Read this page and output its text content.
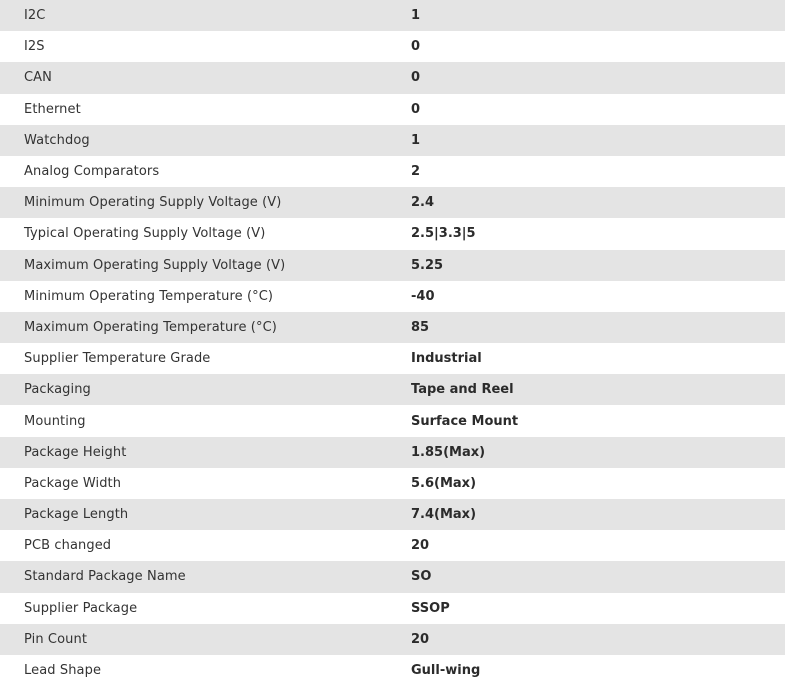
I2C	1
I2S	0
CAN	0
Ethernet	0
Watchdog	1
Analog Comparators	2
Minimum Operating Supply Voltage (V)	2.4
Typical Operating Supply Voltage (V)	2.5|3.3|5
Maximum Operating Supply Voltage (V)	5.25
Minimum Operating Temperature (°C)	-40
Maximum Operating Temperature (°C)	85
Supplier Temperature Grade	Industrial
Packaging	Tape and Reel
Mounting	Surface Mount
Package Height	1.85(Max)
Package Width	5.6(Max)
Package Length	7.4(Max)
PCB changed	20
Standard Package Name	SO
Supplier Package	SSOP
Pin Count	20
Lead Shape	Gull-wing
